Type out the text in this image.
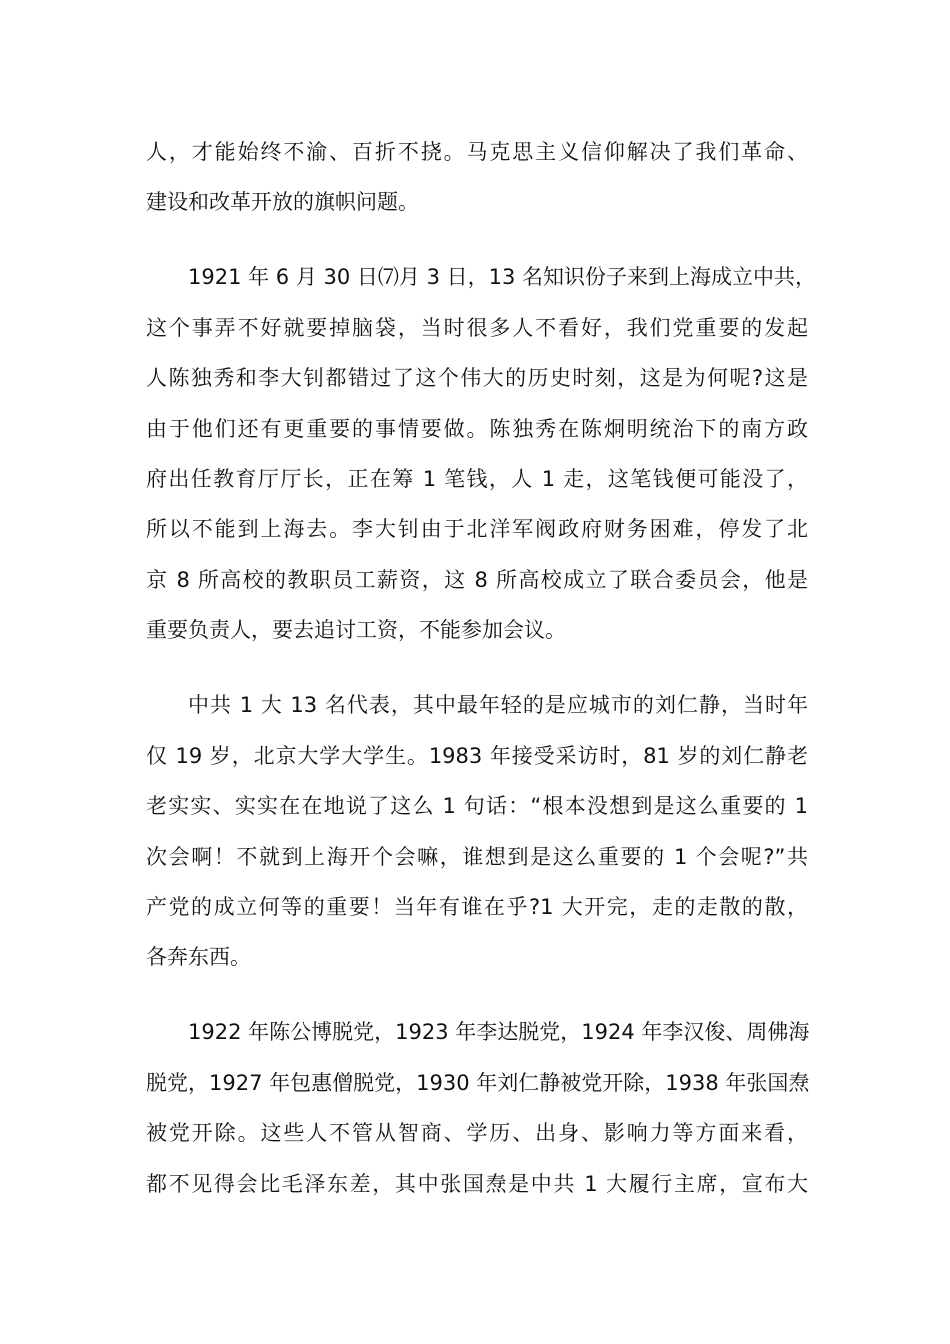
人，才能始终不渝、百折不挠。马克思主义信仰解决了我们革命、
建设和改革开放的旗帜问题。
1921 年 6 月 30 日⑺月 3 日，13 名知识份子来到上海成立中共，
这个事弄不好就要掉脑袋，当时很多人不看好，我们党重要的发起
人陈独秀和李大钊都错过了这个伟大的历史时刻，这是为何呢?这是
由于他们还有更重要的事情要做。陈独秀在陈炯明统治下的南方政
府出任教育厅厅长，正在筹 1 笔钱，人 1 走，这笔钱便可能没了，
所以不能到上海去。李大钊由于北洋军阀政府财务困难，停发了北
京 8 所高校的教职员工薪资，这 8 所高校成立了联合委员会，他是
重要负责人，要去追讨工资，不能参加会议。
中共 1 大 13 名代表，其中最年轻的是应城市的刘仁静，当时年
仅 19 岁，北京大学大学生。1983 年接受采访时，81 岁的刘仁静老
老实实、实实在在地说了这么 1 句话：“根本没想到是这么重要的 1
次会啊！不就到上海开个会嘛，谁想到是这么重要的 1 个会呢?”共
产党的成立何等的重要！当年有谁在乎?1 大开完，走的走散的散，
各奔东西。
1922 年陈公博脱党，1923 年李达脱党，1924 年李汉俊、周佛海
脱党，1927 年包惠僧脱党，1930 年刘仁静被党开除，1938 年张国焘
被党开除。这些人不管从智商、学历、出身、影响力等方面来看，
都不见得会比毛泽东差，其中张国焘是中共 1 大履行主席，宣布大
